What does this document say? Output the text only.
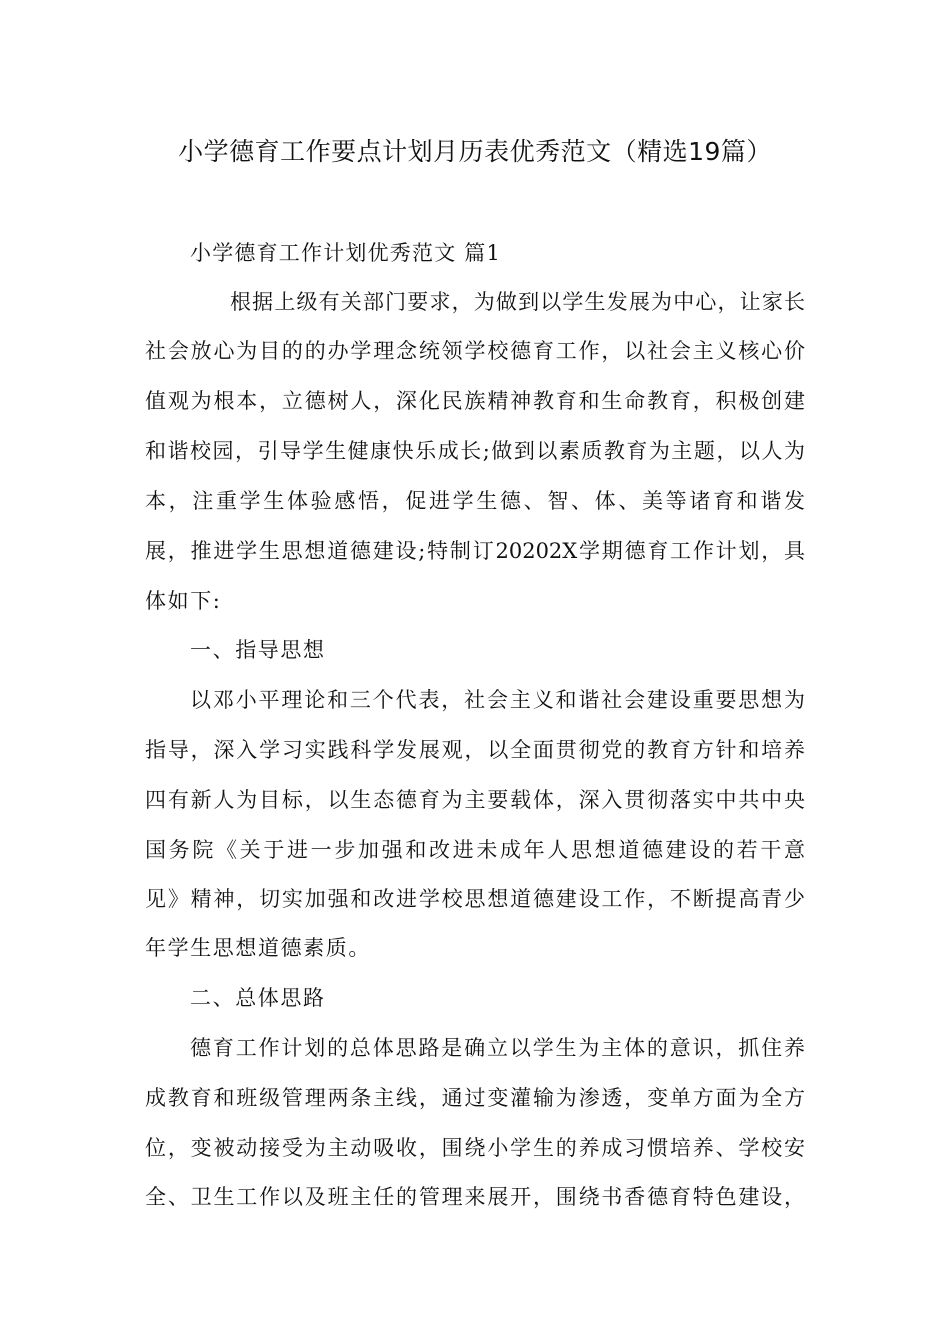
小学德育工作要点计划月历表优秀范文（精选19篇）

小学德育工作计划优秀范文 篇1

根据上级有关部门要求，为做到以学生发展为中心，让家长

社会放心为目的的办学理念统领学校德育工作，以社会主义核心价

值观为根本，立德树人，深化民族精神教育和生命教育，积极创建

和谐校园，引导学生健康快乐成长;做到以素质教育为主题，以人为

本，注重学生体验感悟，促进学生德、智、体、美等诸育和谐发

展，推进学生思想道德建设;特制订20202X学期德育工作计划，具

体如下:

一、指导思想

以邓小平理论和三个代表，社会主义和谐社会建设重要思想为

指导，深入学习实践科学发展观，以全面贯彻党的教育方针和培养

四有新人为目标，以生态德育为主要载体，深入贯彻落实中共中央

国务院《关于进一步加强和改进未成年人思想道德建设的若干意

见》精神，切实加强和改进学校思想道德建设工作，不断提高青少

年学生思想道德素质。

二、总体思路

德育工作计划的总体思路是确立以学生为主体的意识，抓住养

成教育和班级管理两条主线，通过变灌输为渗透，变单方面为全方

位，变被动接受为主动吸收，围绕小学生的养成习惯培养、学校安

全、卫生工作以及班主任的管理来展开，围绕书香德育特色建设，
